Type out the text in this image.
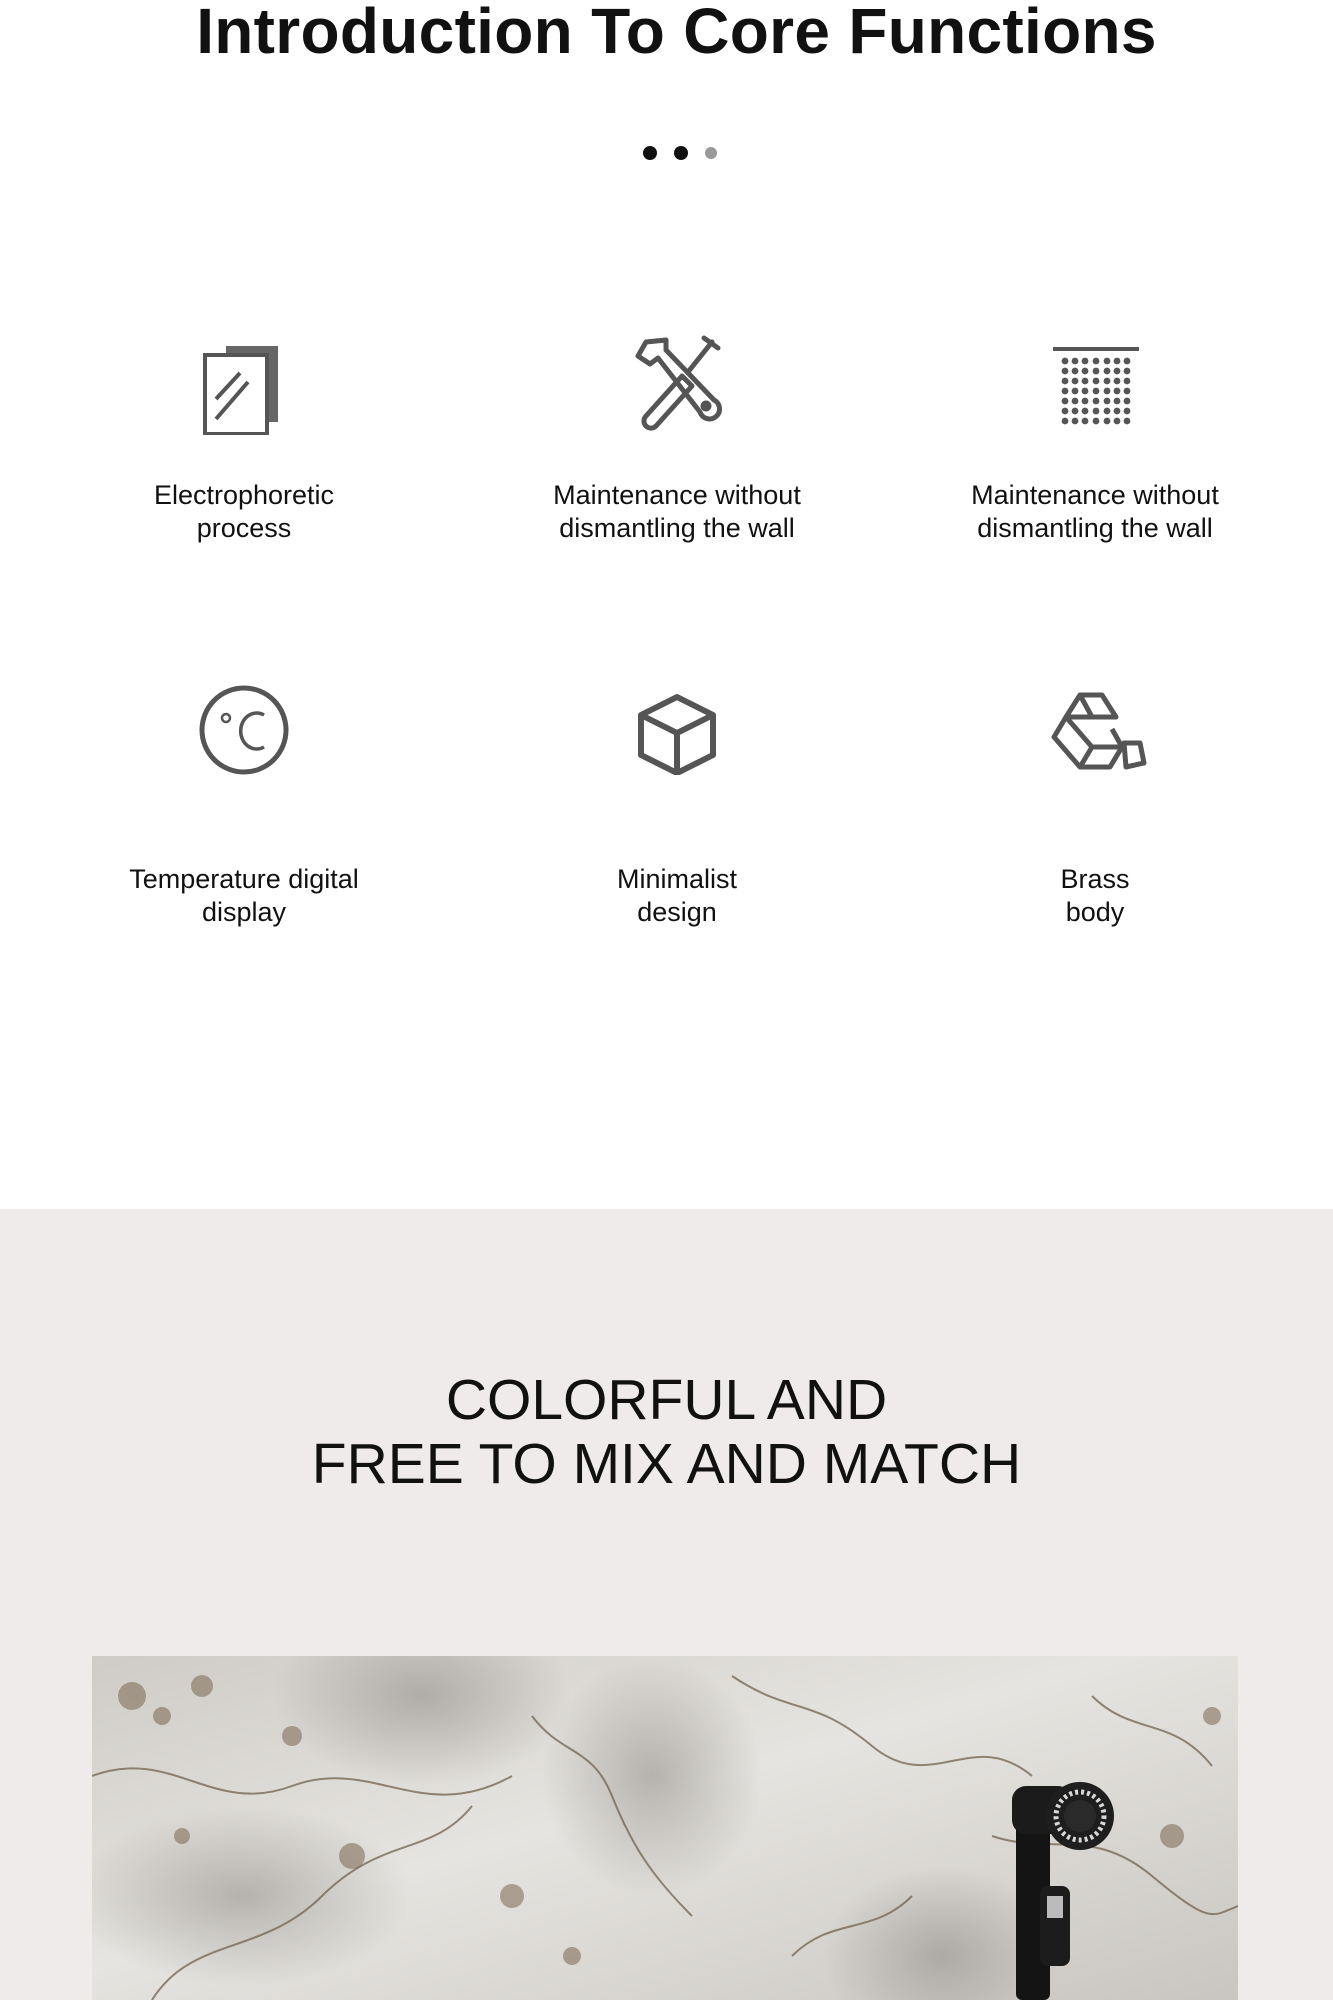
Introduction To Core Functions
Electrophoretic
process
Maintenance without
dismantling the wall
Maintenance without
dismantling the wall
Temperature digital
display
Minimalist
design
Brass
body
COLORFUL AND
FREE TO MIX AND MATCH
